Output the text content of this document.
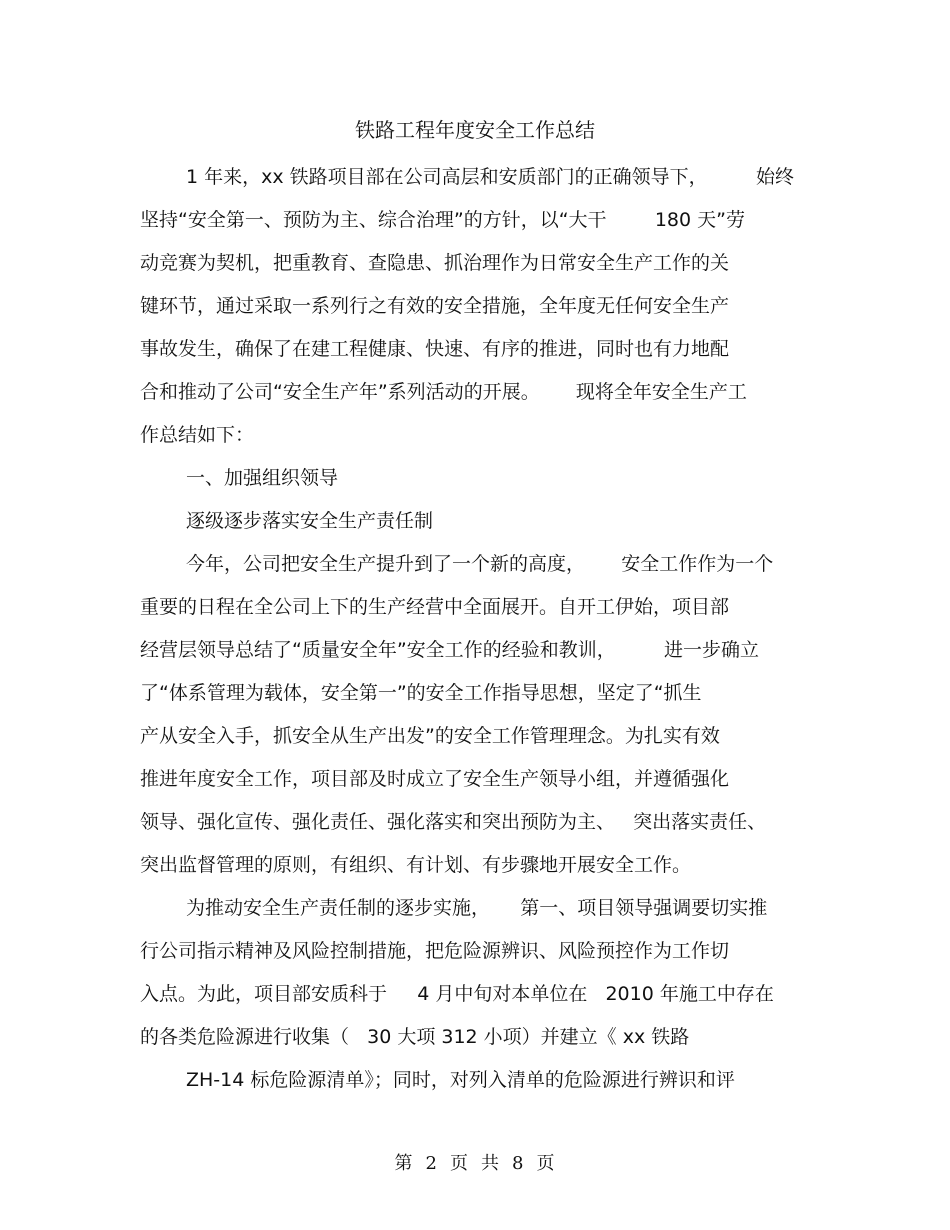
铁路工程年度安全工作总结
1 年来，xx 铁路项目部在公司高层和安质部门的正确领导下，        始终
坚持“安全第一、预防为主、综合治理”的方针，以“大干        180 天”劳
动竞赛为契机，把重教育、查隐患、抓治理作为日常安全生产工作的关
键环节，通过采取一系列行之有效的安全措施，全年度无任何安全生产
事故发生，确保了在建工程健康、快速、有序的推进，同时也有力地配
合和推动了公司“安全生产年”系列活动的开展。      现将全年安全生产工
作总结如下：
一、加强组织领导
逐级逐步落实安全生产责任制
今年，公司把安全生产提升到了一个新的高度，      安全工作作为一个
重要的日程在全公司上下的生产经营中全面展开。自开工伊始，项目部
经营层领导总结了“质量安全年”安全工作的经验和教训，        进一步确立
了“体系管理为载体，安全第一”的安全工作指导思想，坚定了“抓生
产从安全入手，抓安全从生产出发”的安全工作管理理念。为扎实有效
推进年度安全工作，项目部及时成立了安全生产领导小组，并遵循强化
领导、强化宣传、强化责任、强化落实和突出预防为主、   突出落实责任、
突出监督管理的原则，有组织、有计划、有步骤地开展安全工作。
为推动安全生产责任制的逐步实施，     第一、项目领导强调要切实推
行公司指示精神及风险控制措施，把危险源辨识、风险预控作为工作切
入点。为此，项目部安质科于     4 月中旬对本单位在   2010 年施工中存在
的各类危险源进行收集（   30 大项 312 小项）并建立《 xx 铁路
ZH-14 标危险源清单》；同时，对列入清单的危险源进行辨识和评
第 2 页 共 8 页
